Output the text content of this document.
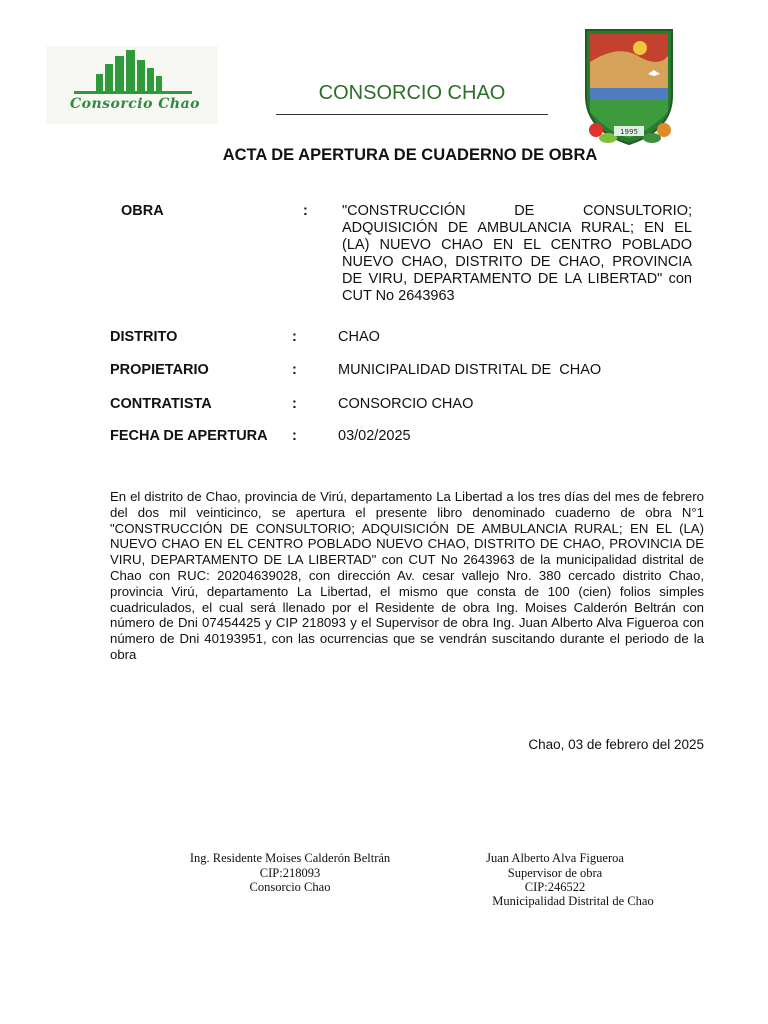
Consorcio Chao	CONSORCIO CHAO
1995
ACTA DE APERTURA DE CUADERNO DE OBRA
OBRA	: "CONSTRUCCIÓN DE CONSULTORIO; ADQUISICIÓN DE AMBULANCIA RURAL; EN EL (LA) NUEVO CHAO EN EL CENTRO POBLADO NUEVO CHAO, DISTRITO DE CHAO, PROVINCIA DE VIRU, DEPARTAMENTO DE LA LIBERTAD" con CUT No 2643963
DISTRITO	:	CHAO
PROPIETARIO	:	MUNICIPALIDAD DISTRITAL DE  CHAO
CONTRATISTA	:	CONSORCIO CHAO
FECHA DE APERTURA :	03/02/2025
En el distrito de Chao, provincia de Virú, departamento La Libertad a los tres días del mes de febrero del dos mil veinticinco, se apertura el presente libro denominado cuaderno de obra N°1 "CONSTRUCCIÓN DE CONSULTORIO; ADQUISICIÓN DE AMBULANCIA RURAL; EN EL (LA) NUEVO CHAO EN EL CENTRO POBLADO NUEVO CHAO, DISTRITO DE CHAO, PROVINCIA DE VIRU, DEPARTAMENTO DE LA LIBERTAD" con CUT No 2643963 de la municipalidad distrital de Chao con RUC: 20204639028, con dirección Av. cesar vallejo Nro. 380 cercado distrito Chao, provincia Virú, departamento La Libertad, el mismo que consta de 100 (cien) folios simples cuadriculados, el cual será llenado por el Residente de obra Ing. Moises Calderón Beltrán con número de Dni 07454425 y CIP 218093 y el Supervisor de obra Ing. Juan Alberto Alva Figueroa con número de Dni 40193951, con las ocurrencias que se vendrán suscitando durante el periodo de la obra
Chao, 03 de febrero del 2025
Ing. Residente Moises Calderón Beltrán
CIP:218093
Consorcio Chao
Juan Alberto Alva Figueroa
Supervisor de obra
CIP:246522
Municipalidad Distrital de Chao
